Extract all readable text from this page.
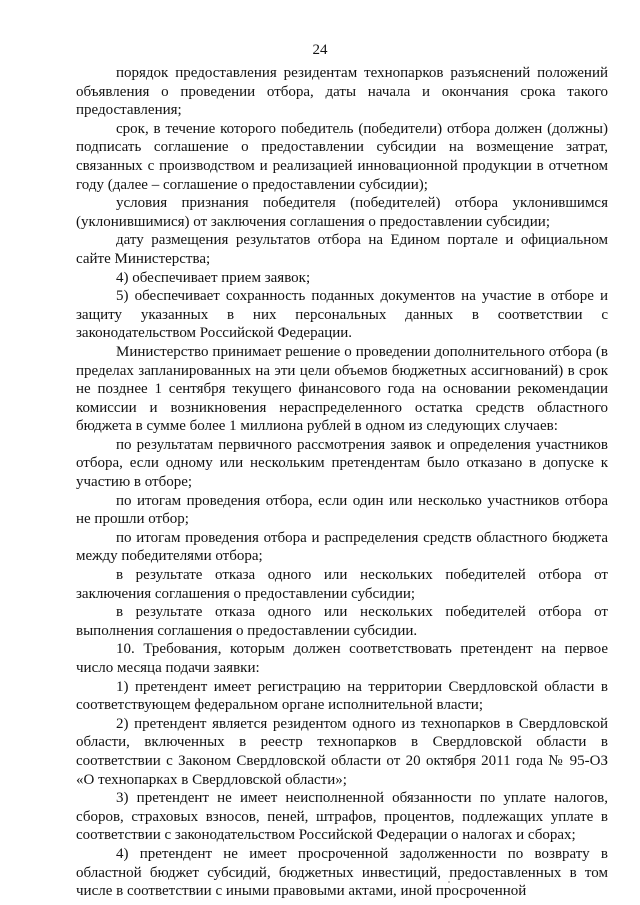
24

порядок предоставления резидентам технопарков разъяснений положений объявления о проведении отбора, даты начала и окончания срока такого предоставления;

срок, в течение которого победитель (победители) отбора должен (должны) подписать соглашение о предоставлении субсидии на возмещение затрат, связанных с производством и реализацией инновационной продукции в отчетном году (далее – соглашение о предоставлении субсидии);

условия признания победителя (победителей) отбора уклонившимся (уклонившимися) от заключения соглашения о предоставлении субсидии;

дату размещения результатов отбора на Едином портале и официальном сайте Министерства;

4) обеспечивает прием заявок;

5) обеспечивает сохранность поданных документов на участие в отборе и защиту указанных в них персональных данных в соответствии с законодательством Российской Федерации.

Министерство принимает решение о проведении дополнительного отбора (в пределах запланированных на эти цели объемов бюджетных ассигнований) в срок не позднее 1 сентября текущего финансового года на основании рекомендации комиссии и возникновения нераспределенного остатка средств областного бюджета в сумме более 1 миллиона рублей в одном из следующих случаев:

по результатам первичного рассмотрения заявок и определения участников отбора, если одному или нескольким претендентам было отказано в допуске к участию в отборе;

по итогам проведения отбора, если один или несколько участников отбора не прошли отбор;

по итогам проведения отбора и распределения средств областного бюджета между победителями отбора;

в результате отказа одного или нескольких победителей отбора от заключения соглашения о предоставлении субсидии;

в результате отказа одного или нескольких победителей отбора от выполнения соглашения о предоставлении субсидии.

10. Требования, которым должен соответствовать претендент на первое число месяца подачи заявки:

1) претендент имеет регистрацию на территории Свердловской области в соответствующем федеральном органе исполнительной власти;

2) претендент является резидентом одного из технопарков в Свердловской области, включенных в реестр технопарков в Свердловской области в соответствии с Законом Свердловской области от 20 октября 2011 года № 95-ОЗ «О технопарках в Свердловской области»;

3) претендент не имеет неисполненной обязанности по уплате налогов, сборов, страховых взносов, пеней, штрафов, процентов, подлежащих уплате в соответствии с законодательством Российской Федерации о налогах и сборах;

4) претендент не имеет просроченной задолженности по возврату в областной бюджет субсидий, бюджетных инвестиций, предоставленных в том числе в соответствии с иными правовыми актами, иной просроченной
